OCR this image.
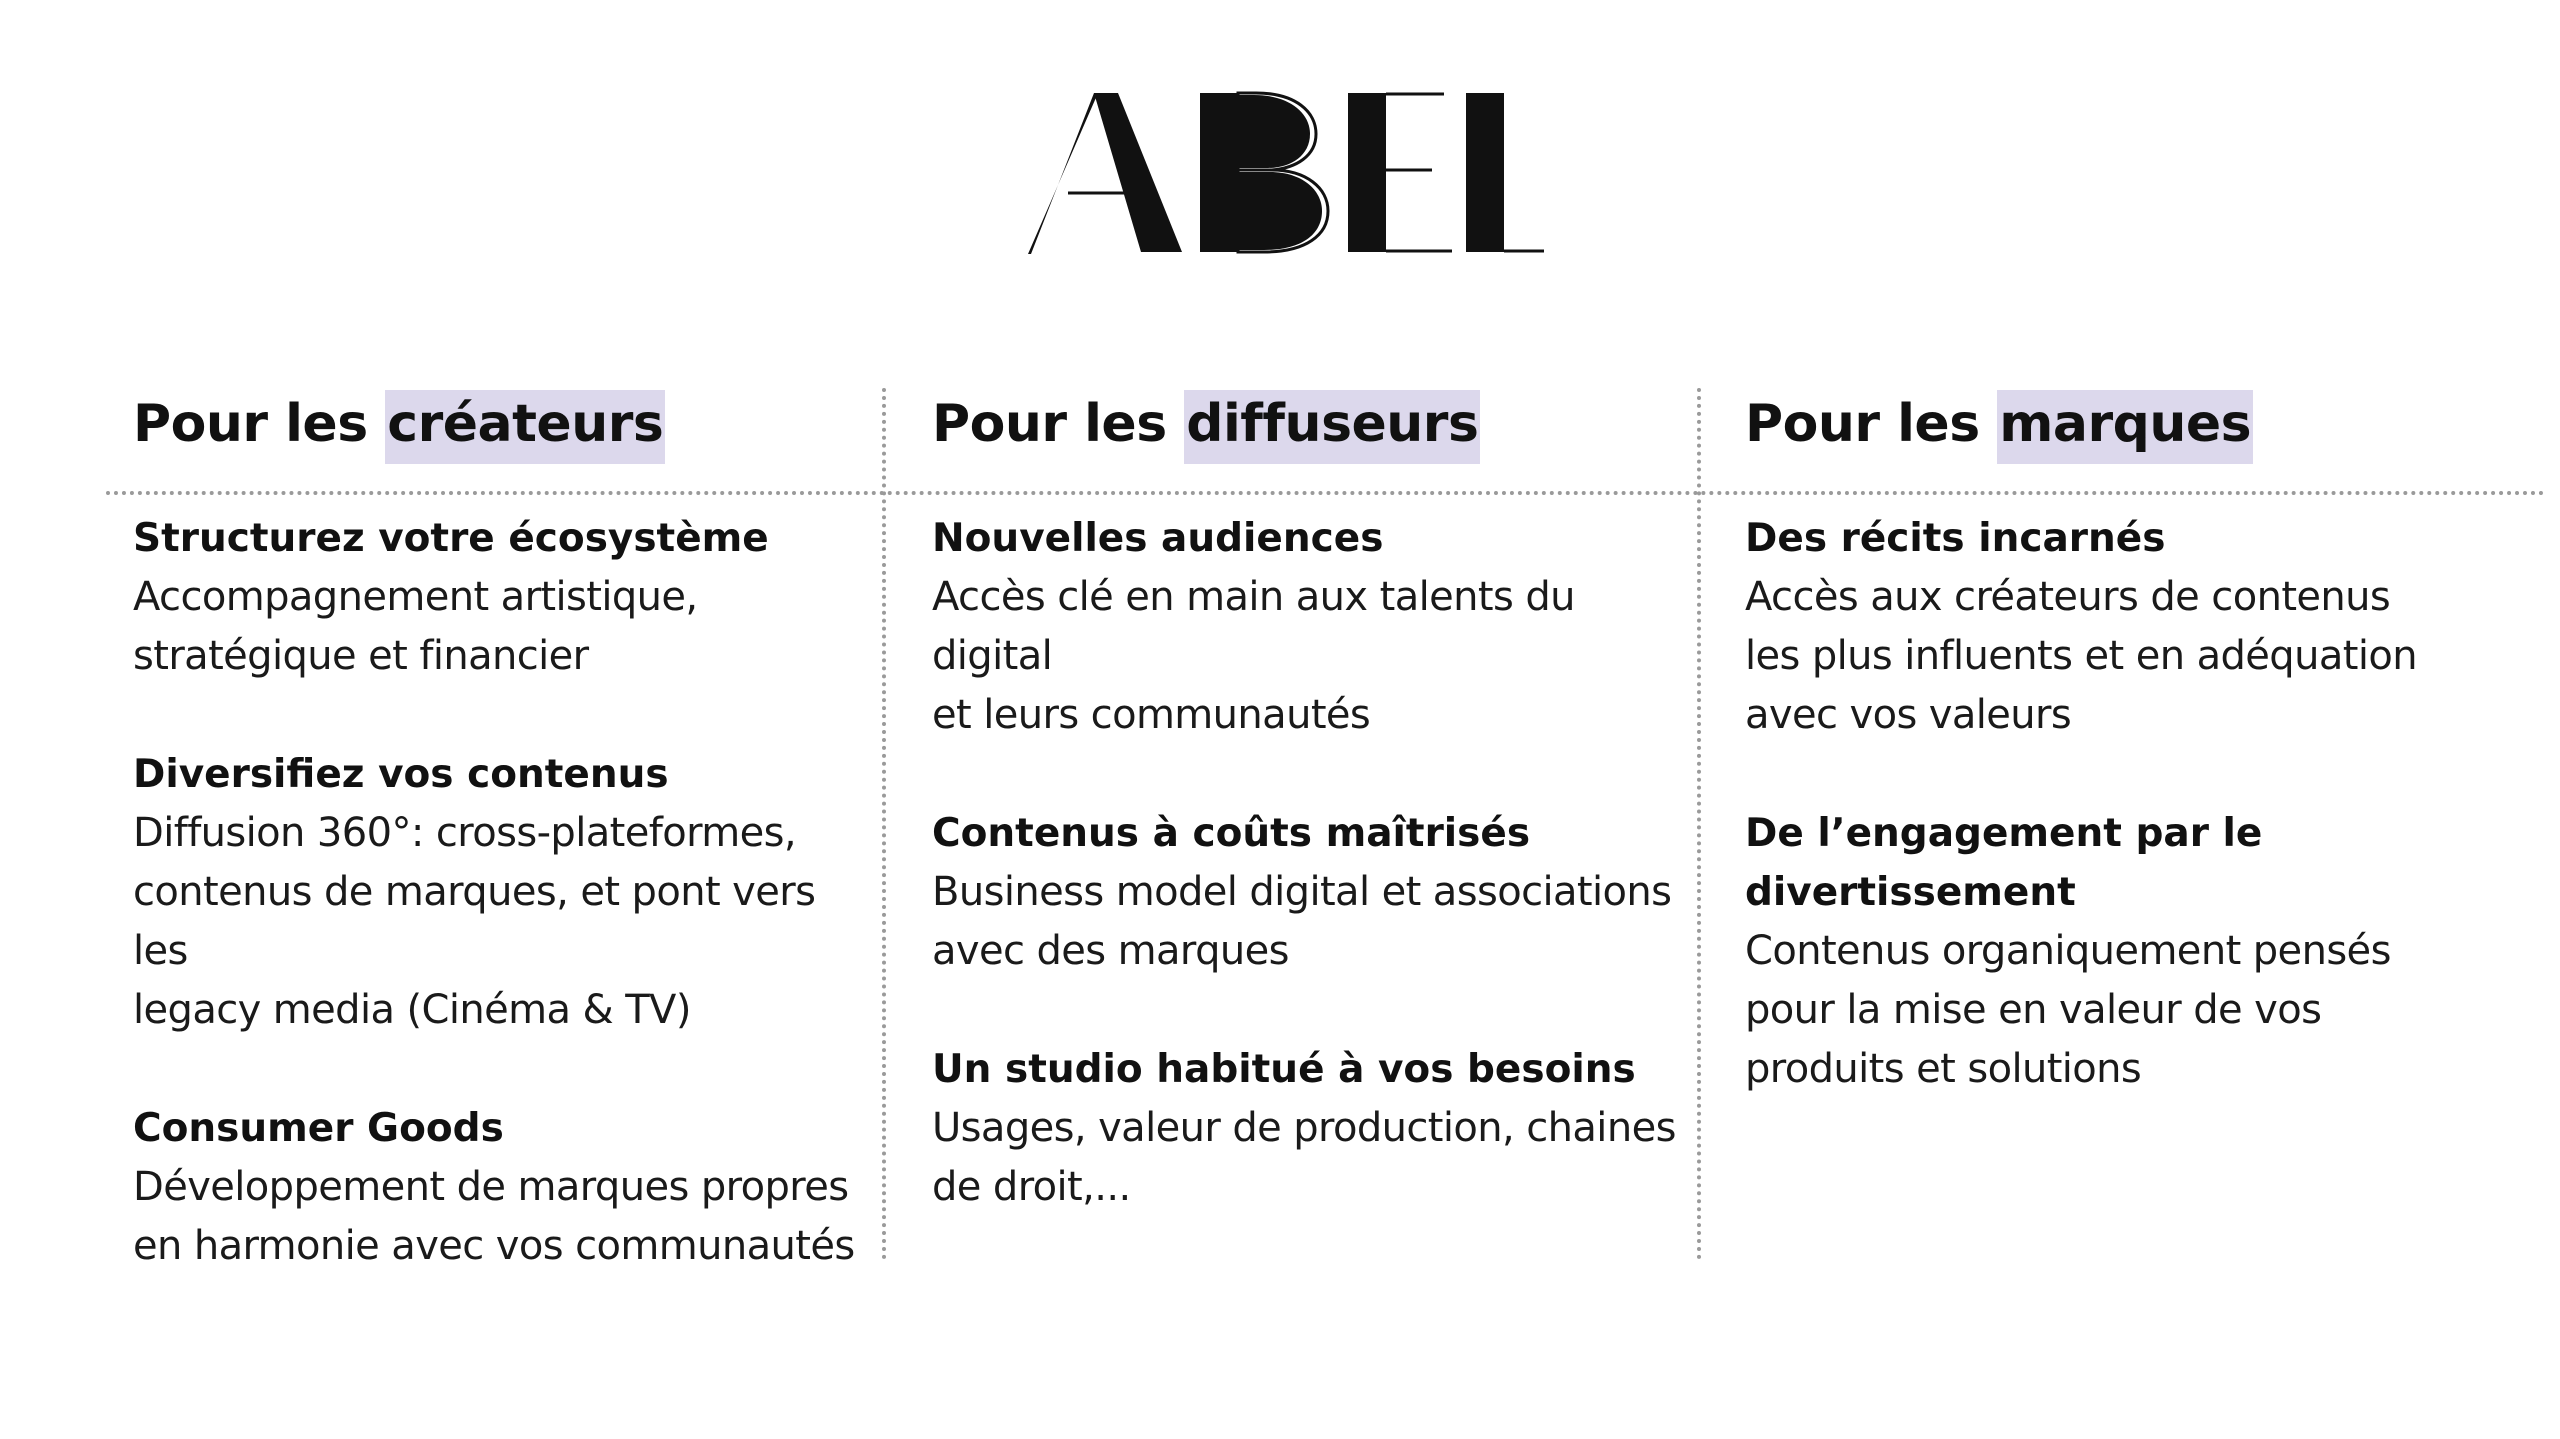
Pour les créateurs
Structurez votre écosystème
Accompagnement artistique,
stratégique et financier
Diversifiez vos contenus
Diffusion 360°: cross-plateformes,
contenus de marques, et pont vers les
legacy media (Cinéma & TV)
Consumer Goods
Développement de marques propres
en harmonie avec vos communautés
Pour les diffuseurs
Nouvelles audiences
Accès clé en main aux talents du digital
et leurs communautés
Contenus à coûts maîtrisés
Business model digital et associations
avec des marques
Un studio habitué à vos besoins
Usages, valeur de production, chaines
de droit,...
Pour les marques
Des récits incarnés
Accès aux créateurs de contenus
les plus influents et en adéquation
avec vos valeurs
De l’engagement par le
divertissement
Contenus organiquement pensés
pour la mise en valeur de vos
produits et solutions
